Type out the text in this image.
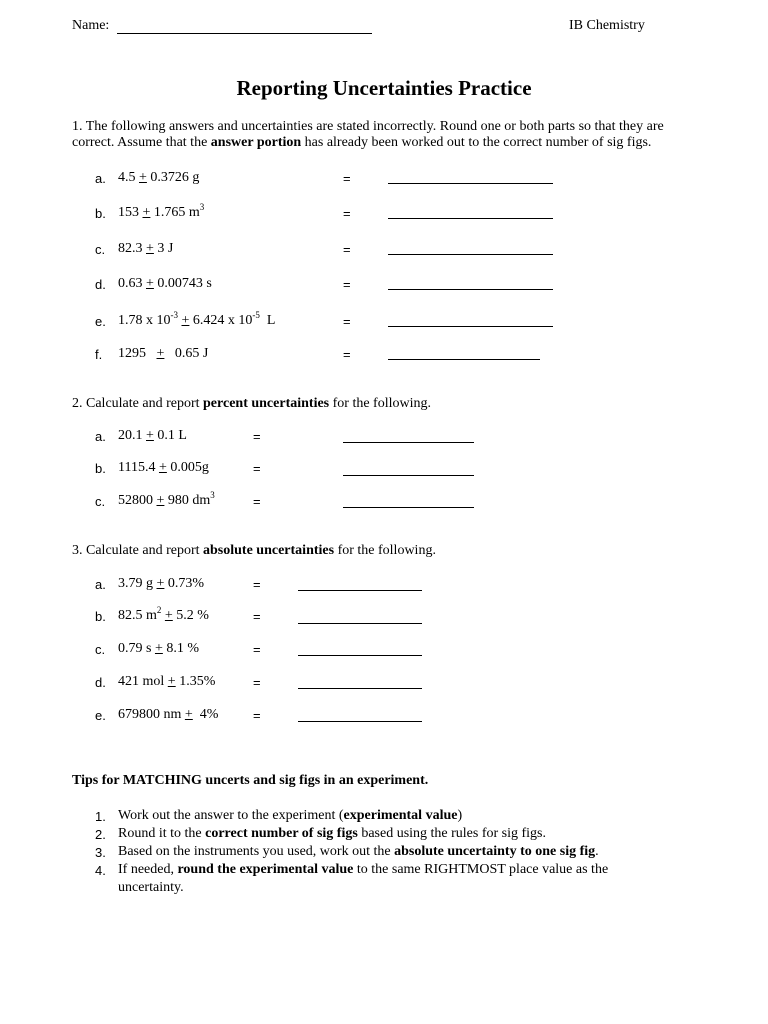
Name:	IB Chemistry
Reporting Uncertainties Practice
1. The following answers and uncertainties are stated incorrectly. Round one or both parts so that they are
correct. Assume that the answer portion has already been worked out to the correct number of sig figs.
a. 4.5 + 0.3726 g	=
b. 153 + 1.765 $m^3$	=
c. 82.3 + 3 J	=
d. 0.63 + 0.00743 s	=
e. 1.78 x $10^{-3} + 6.424$ x $10^{-5}$ L	=
f. 1295 + 0.65 J	=
2. Calculate and report percent uncertainties for the following.
a. 20.1 + 0.1 L	=
b. 1115.4 + 0.005g	=
c. 52800 + 980 $dm^3$	=
3. Calculate and report absolute uncertainties for the following.
a. 3.79 g + 0.73%	=
b. 82.5 $m^2 + 5.2$ %	=
c. 0.79 s + 8.1 %	=
d. 421 mol + 1.35%	=
e. 679800 nm + 4%	=
Tips for MATCHING uncerts and sig figs in an experiment.
1. Work out the answer to the experiment (experimental value)
2. Round it to the correct number of sig figs based using the rules for sig figs.
3. Based on the instruments you used, work out the absolute uncertainty to one sig fig.
4. If needed, round the experimental value to the same RIGHTMOST place value as the
uncertainty.
